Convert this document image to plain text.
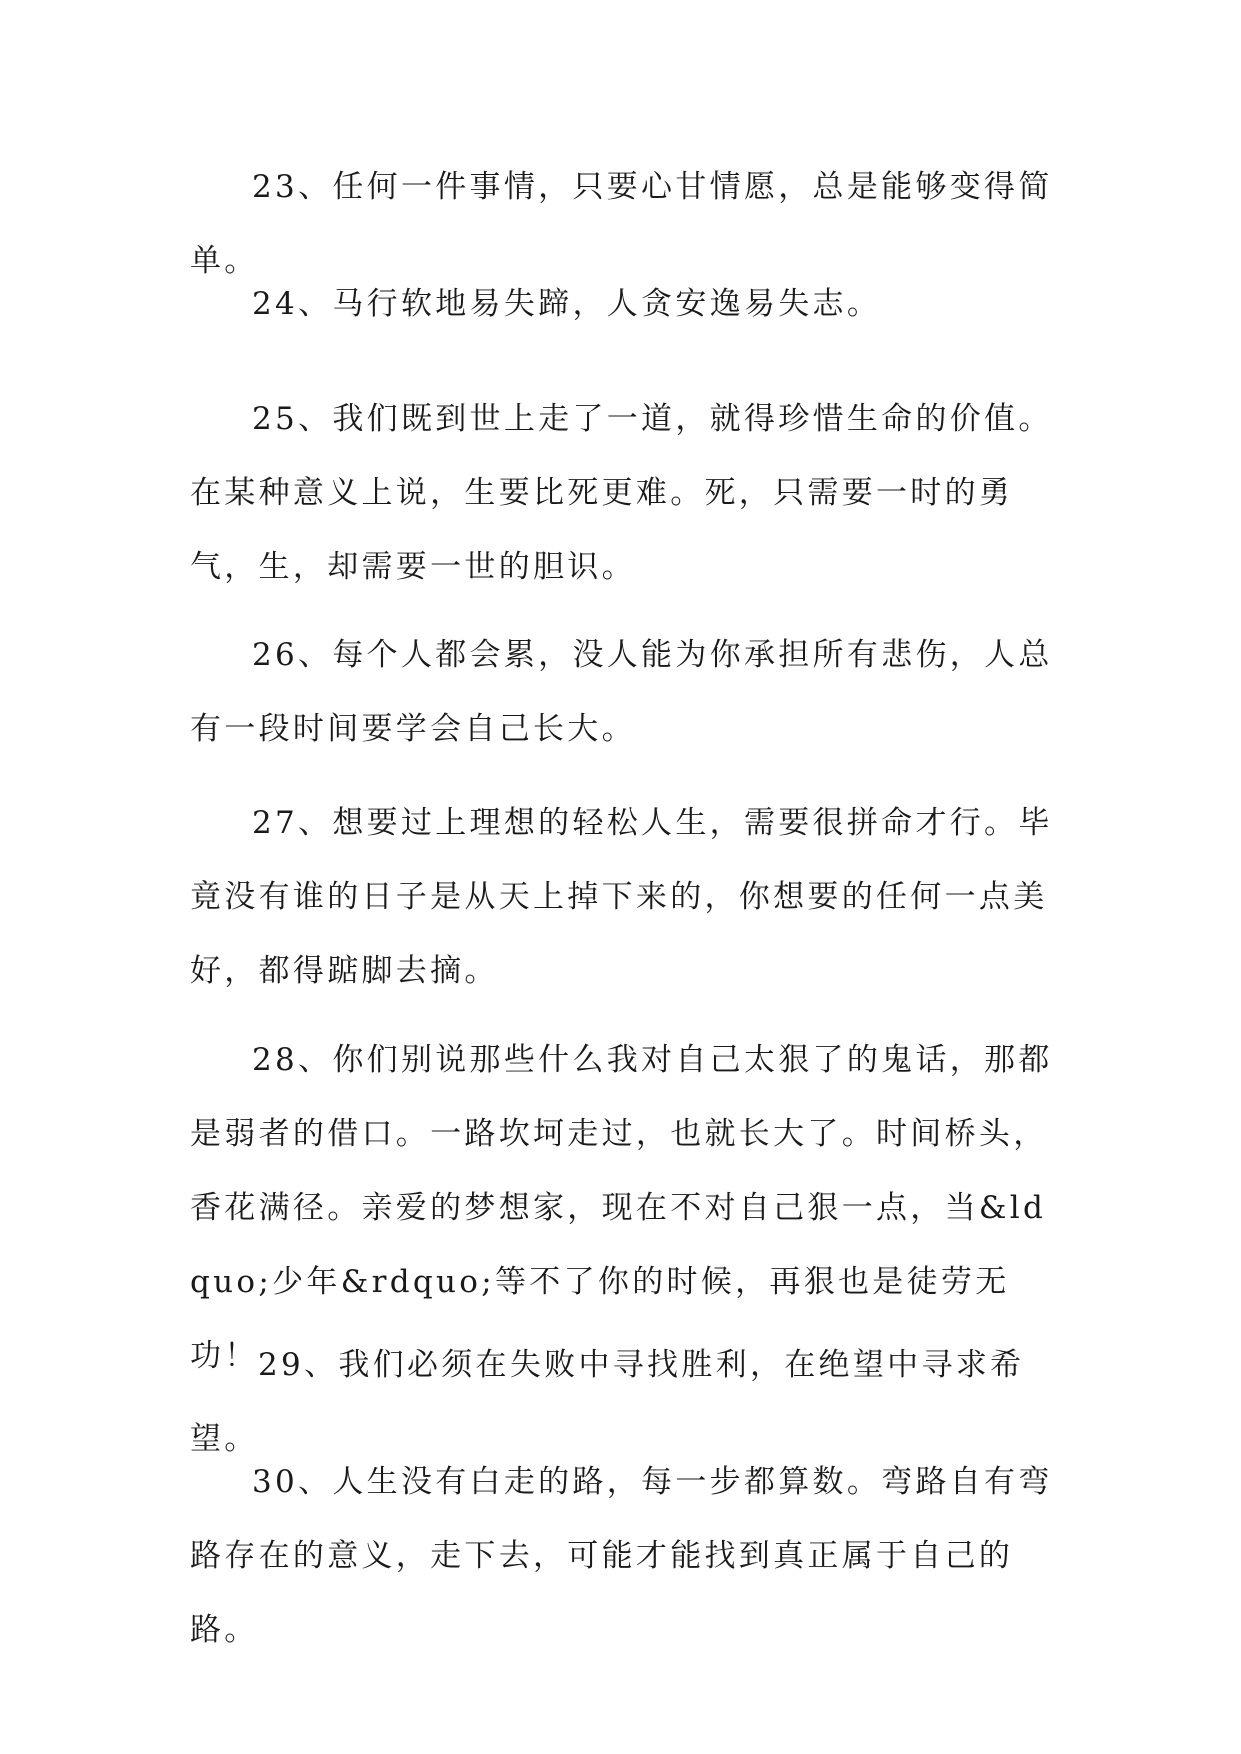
23、任何一件事情，只要心甘情愿，总是能够变得简单。

24、马行软地易失蹄，人贪安逸易失志。

25、我们既到世上走了一道，就得珍惜生命的价值。在某种意义上说，生要比死更难。死，只需要一时的勇气，生，却需要一世的胆识。

26、每个人都会累，没人能为你承担所有悲伤，人总有一段时间要学会自己长大。

27、想要过上理想的轻松人生，需要很拼命才行。毕竟没有谁的日子是从天上掉下来的，你想要的任何一点美好，都得踮脚去摘。

28、你们别说那些什么我对自己太狠了的鬼话，那都是弱者的借口。一路坎坷走过，也就长大了。时间桥头，香花满径。亲爱的梦想家，现在不对自己狠一点，当&ldquo;少年&rdquo;等不了你的时候，再狠也是徒劳无功！ 29、我们必须在失败中寻找胜利，在绝望中寻求希望。

30、人生没有白走的路，每一步都算数。弯路自有弯路存在的意义，走下去，可能才能找到真正属于自己的路。
